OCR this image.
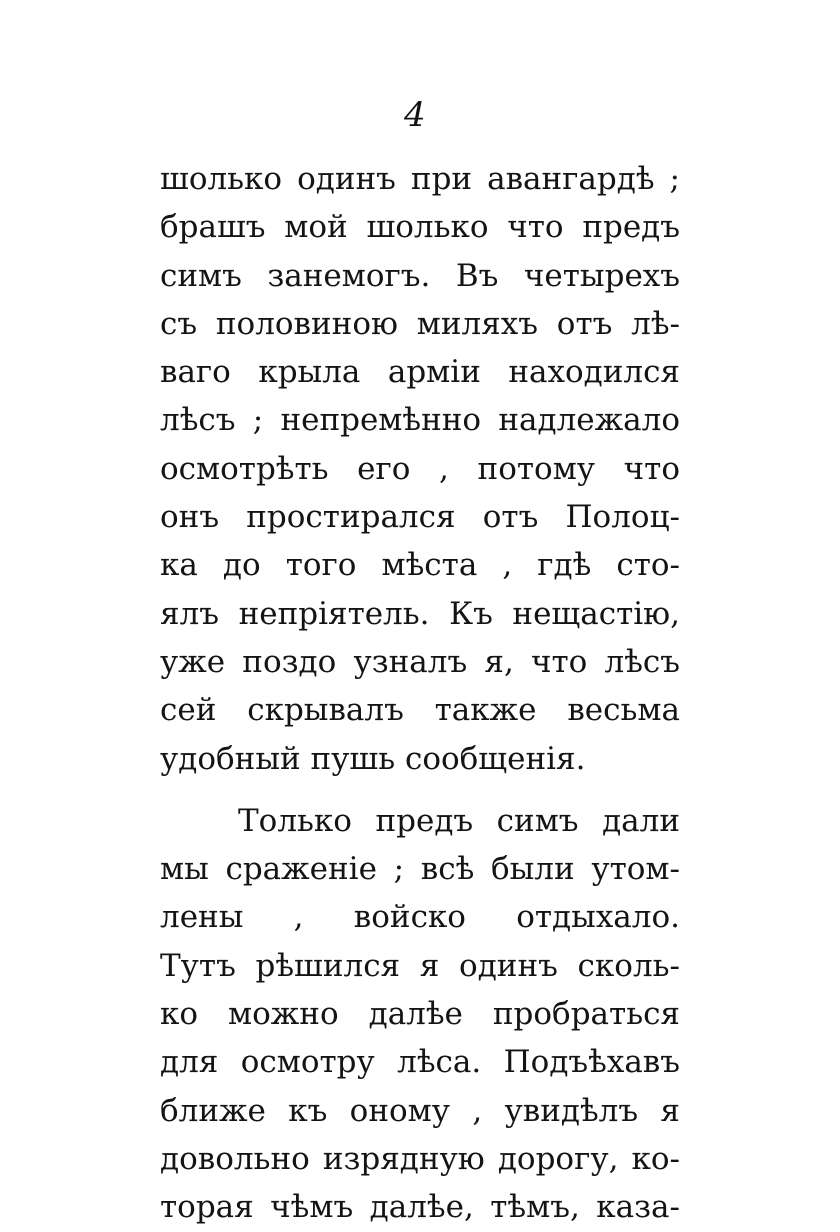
4
шолько одинъ при авангардѣ ;
брашъ мой шолько что предъ
симъ занемогъ. Въ четырехъ
съ половиною миляхъ отъ лѣ-
ваго крыла арміи находился
лѣсъ ; непремѣнно надлежало
осмотрѣть его , потому что
онъ простирался отъ Полоц-
ка до того мѣста , гдѣ сто-
ялъ непріятель. Къ нещастію,
уже поздо узналъ я, что лѣсъ
сей скрывалъ также весьма
удобный пушь сообщенія.
Только предъ симъ дали
мы сраженіе ; всѣ были утом-
лены , войско отдыхало.
Тутъ рѣшился я одинъ сколь-
ко можно далѣе пробраться
для осмотру лѣса. Подъѣхавъ
ближе къ оному , увидѣлъ я
довольно изрядную дорогу, ко-
торая чѣмъ далѣе, тѣмъ, каза-
